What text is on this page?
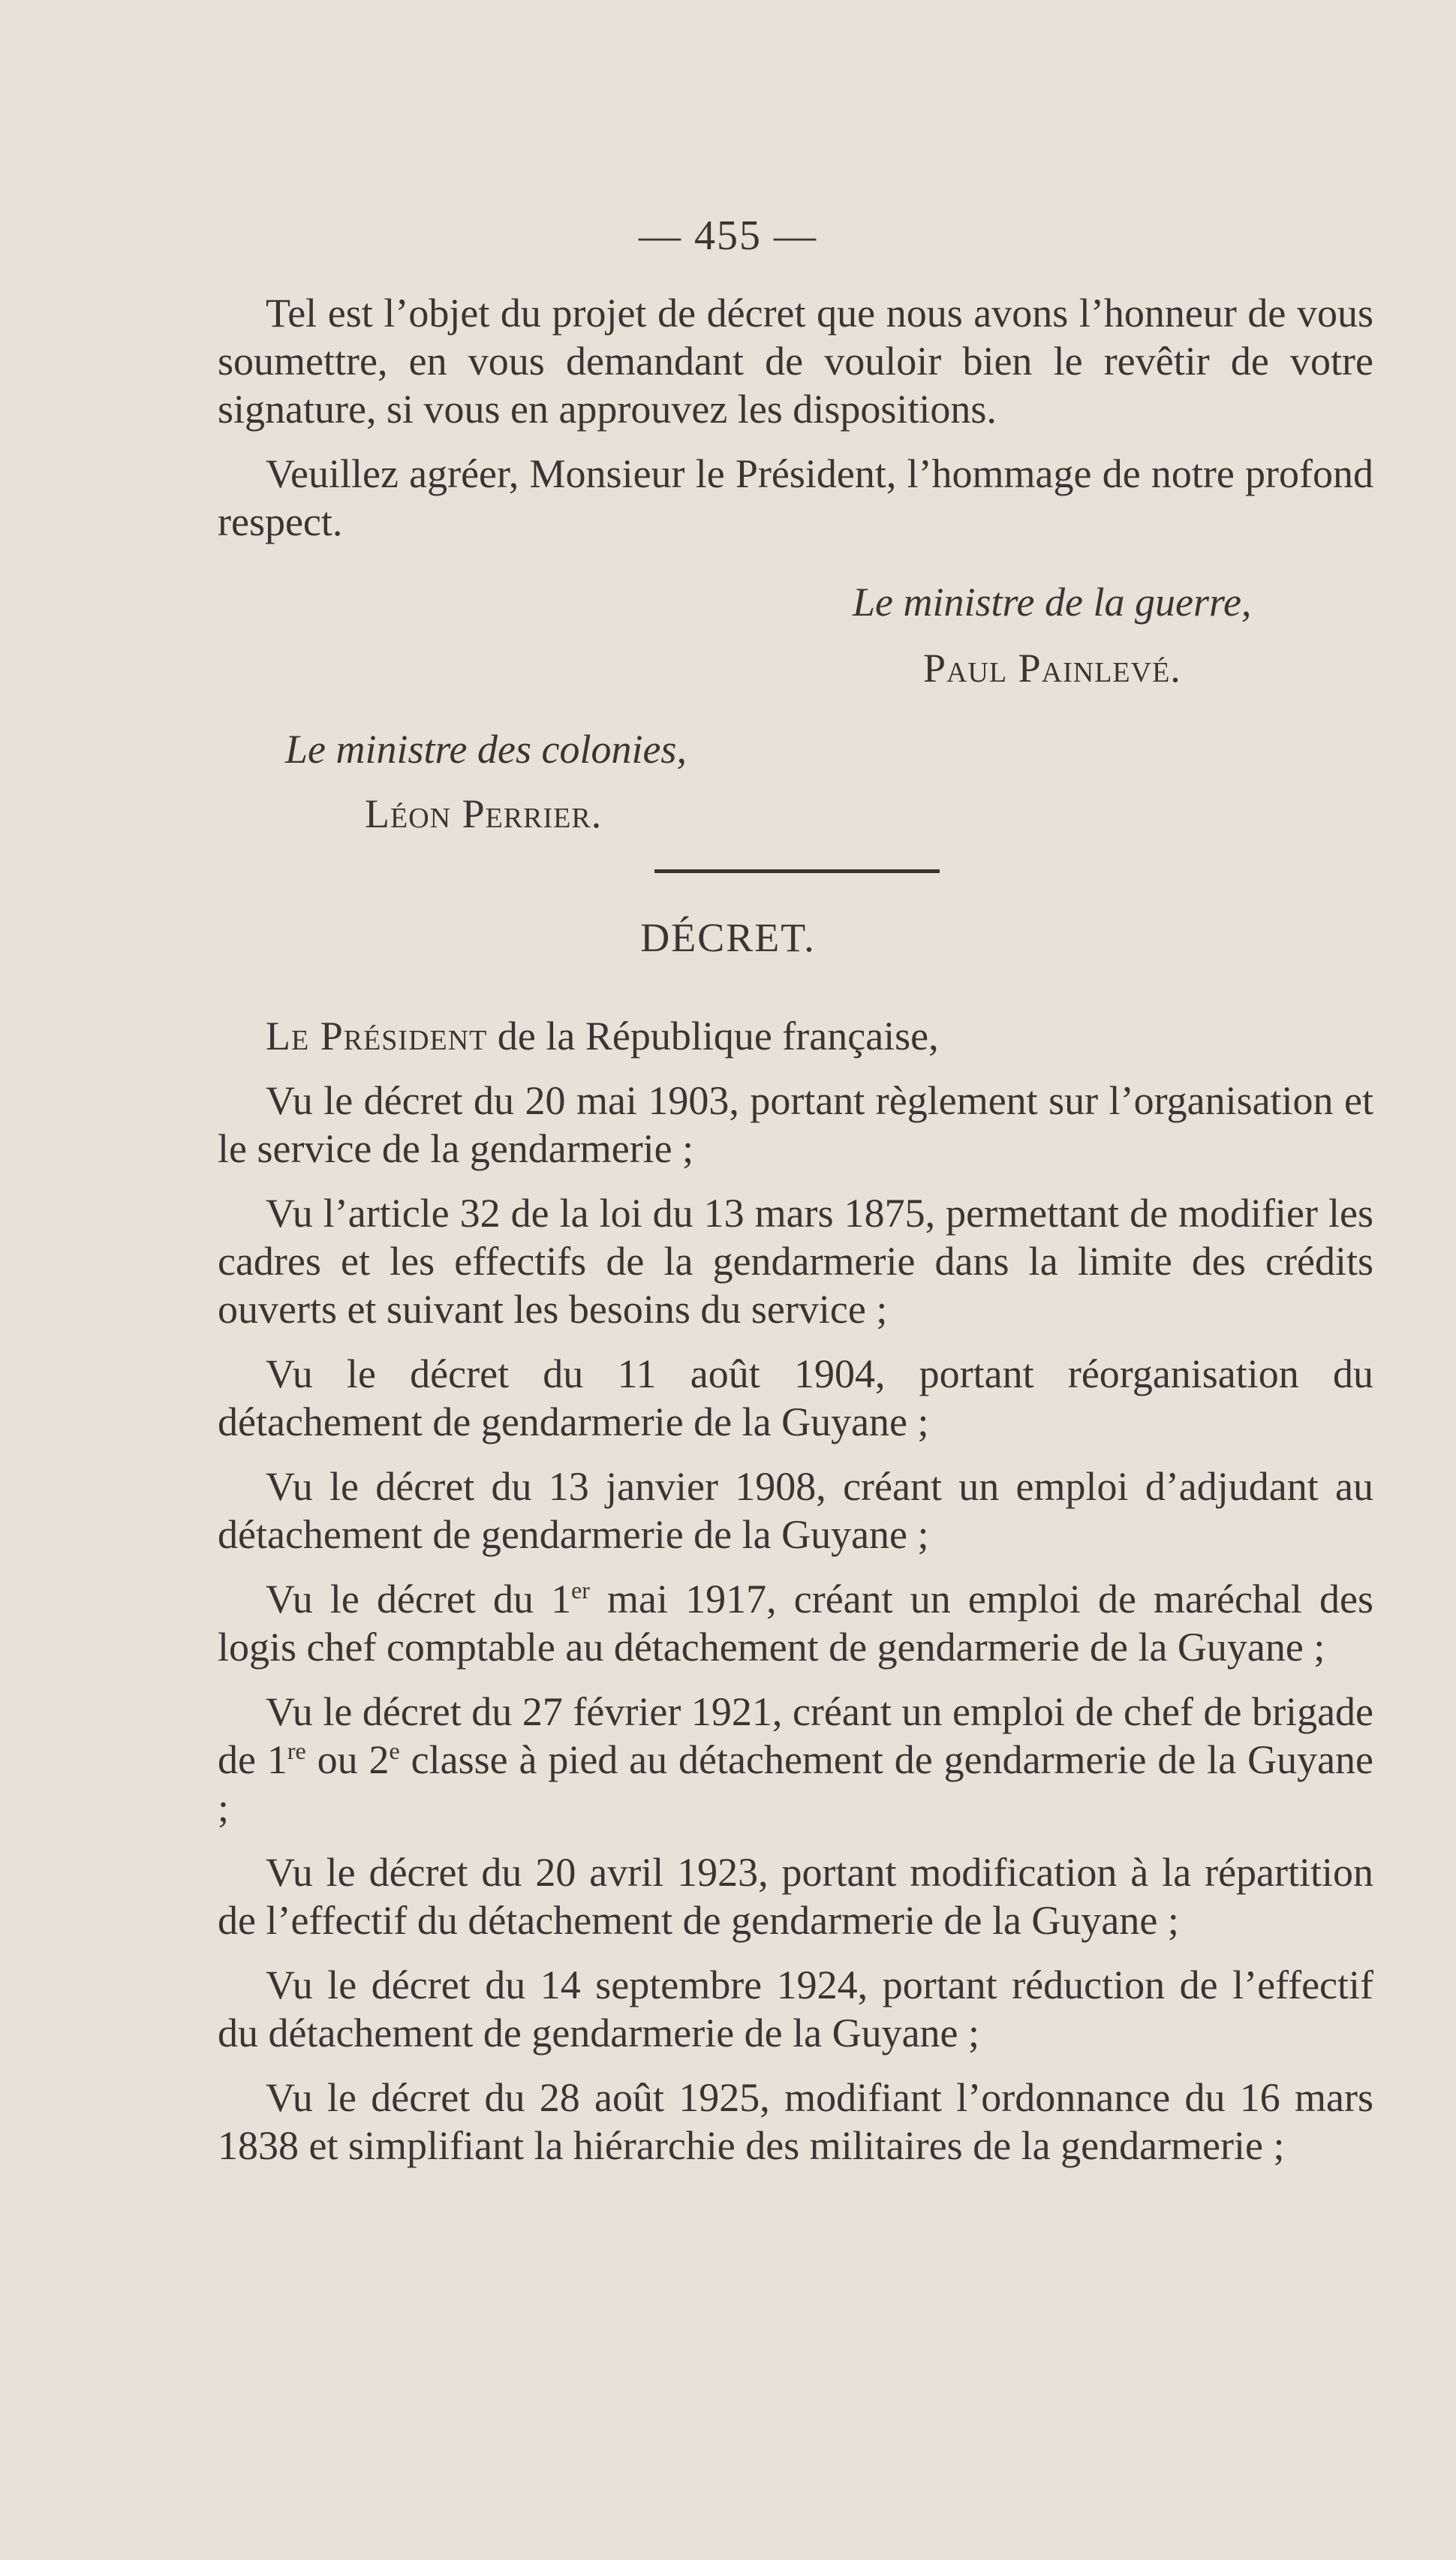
— 455 —

Tel est l’objet du projet de décret que nous avons l’honneur de vous soumettre, en vous demandant de vouloir bien le revêtir de votre signature, si vous en approuvez les dispositions.

Veuillez agréer, Monsieur le Président, l’hommage de notre profond respect.

Le ministre de la guerre,
Paul Painlevé.
Le ministre des colonies,
Léon Perrier.
DÉCRET.

Le Président de la République française,

Vu le décret du 20 mai 1903, portant règlement sur l’organisation et le service de la gendarmerie ;

Vu l’article 32 de la loi du 13 mars 1875, permettant de modifier les cadres et les effectifs de la gendarmerie dans la limite des crédits ouverts et suivant les besoins du service ;

Vu le décret du 11 août 1904, portant réorganisation du détachement de gendarmerie de la Guyane ;

Vu le décret du 13 janvier 1908, créant un emploi d’adjudant au détachement de gendarmerie de la Guyane ;

Vu le décret du 1er mai 1917, créant un emploi de maréchal des logis chef comptable au détachement de gendarmerie de la Guyane ;

Vu le décret du 27 février 1921, créant un emploi de chef de brigade de 1re ou 2e classe à pied au détachement de gendarmerie de la Guyane ;

Vu le décret du 20 avril 1923, portant modification à la répartition de l’effectif du détachement de gendarmerie de la Guyane ;

Vu le décret du 14 septembre 1924, portant réduction de l’effectif du détachement de gendarmerie de la Guyane ;

Vu le décret du 28 août 1925, modifiant l’ordonnance du 16 mars 1838 et simplifiant la hiérarchie des militaires de la gendarmerie ;
